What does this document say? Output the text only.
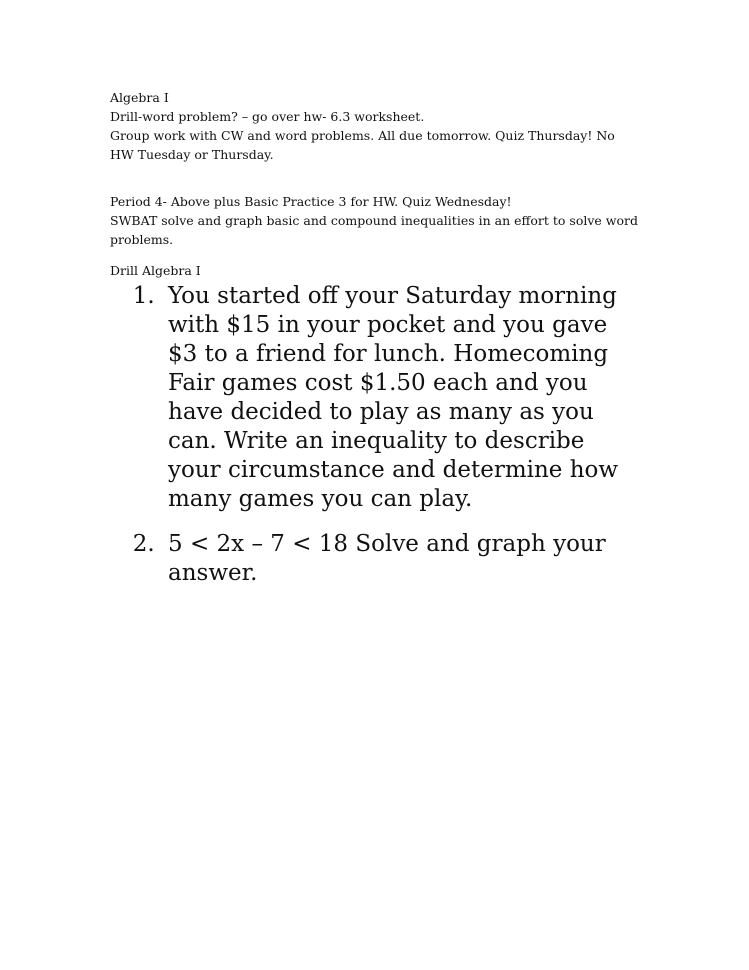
Algebra I

Drill-word problem? – go over hw- 6.3 worksheet.

Group work with CW and word problems. All due tomorrow. Quiz Thursday! No

HW Tuesday or Thursday.

Period 4- Above plus Basic Practice 3 for HW. Quiz Wednesday!

SWBAT solve and graph basic and compound inequalities in an effort to solve word

problems.

Drill Algebra I

1. You started off your Saturday morning with $15 in your pocket and you gave $3 to a friend for lunch. Homecoming Fair games cost $1.50 each and you have decided to play as many as you can. Write an inequality to describe your circumstance and determine how many games you can play.
2. 5 < 2x – 7 < 18 Solve and graph your answer.
